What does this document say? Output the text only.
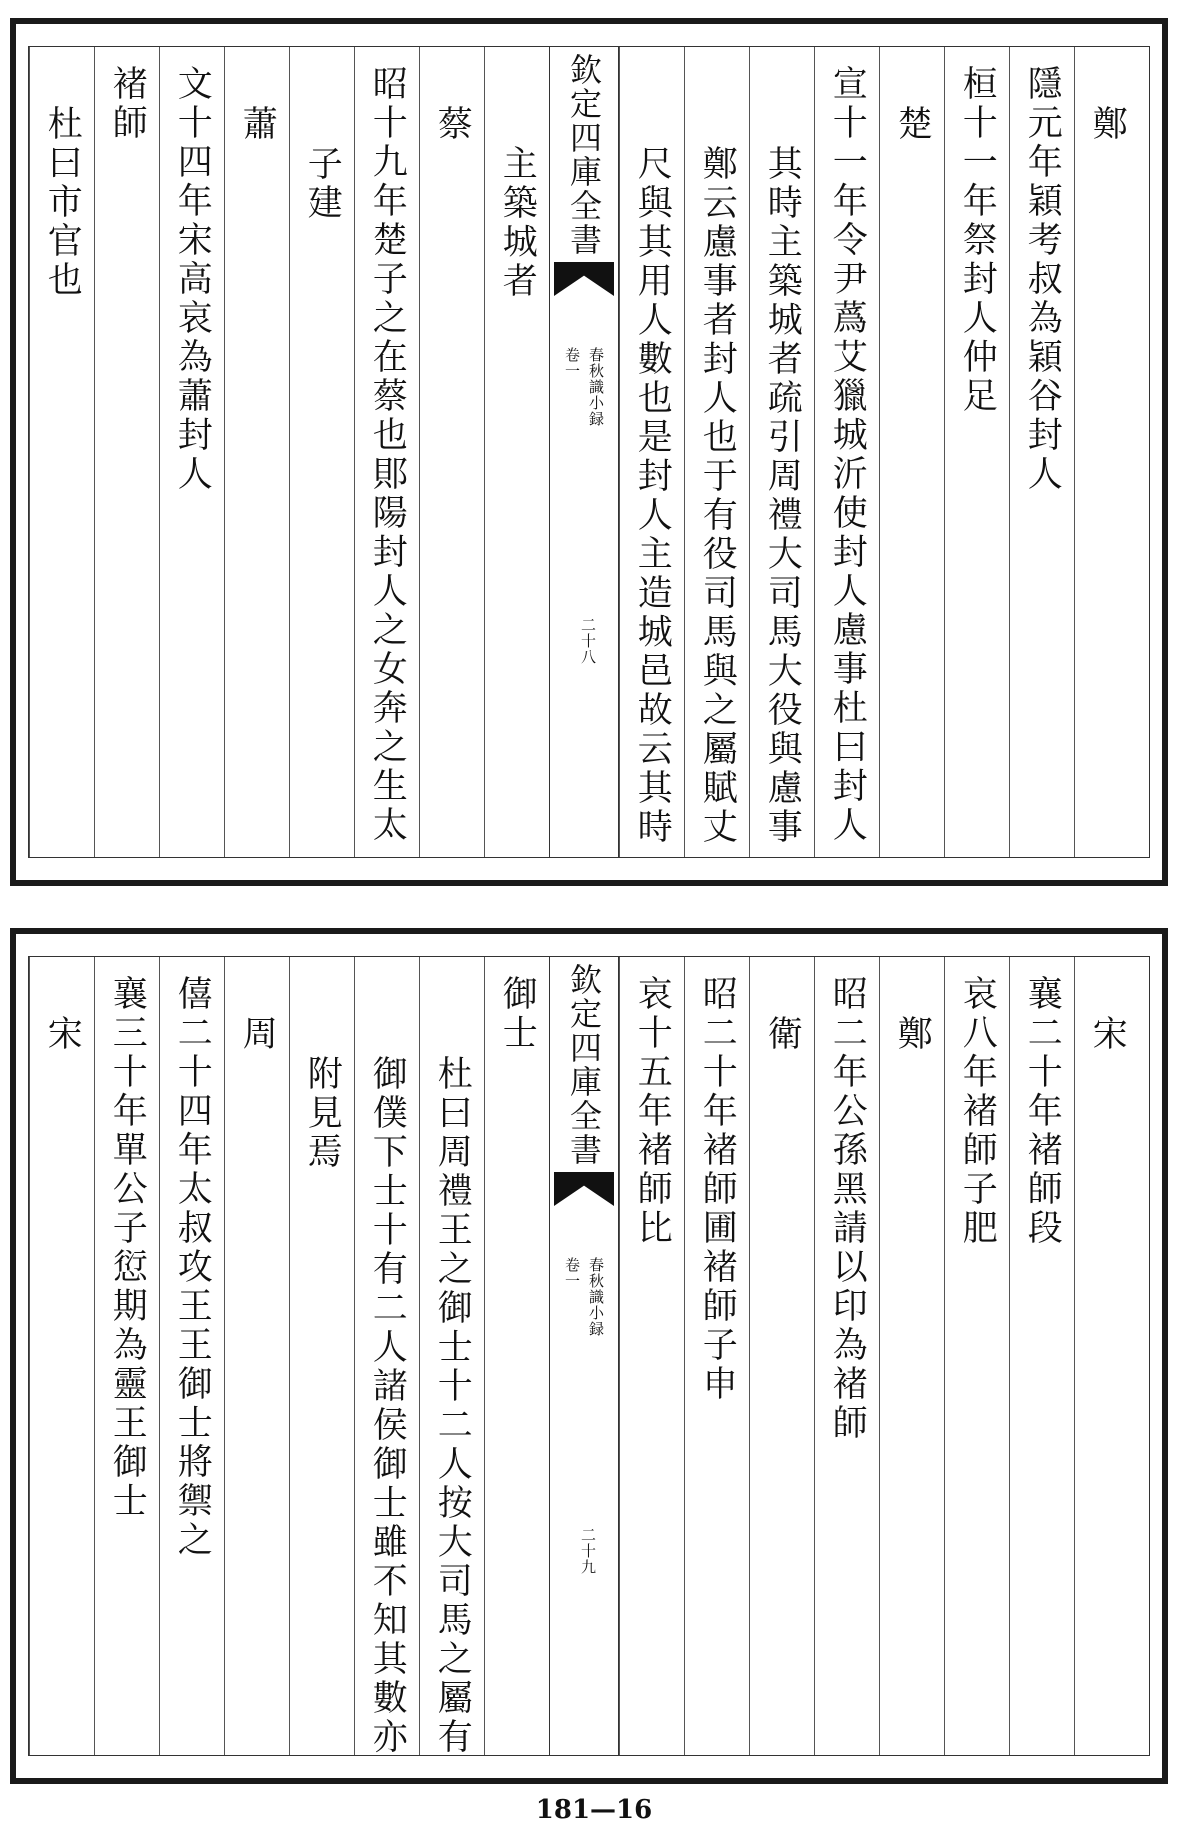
鄭
隱元年穎考叔為穎谷封人
桓十一年祭封人仲足
楚
宣十一年令尹蔿艾獵城沂使封人慮事杜曰封人
其時主築城者疏引周禮大司馬大役與慮事
鄭云慮事者封人也于有役司馬與之屬賦丈
尺與其用人數也是封人主造城邑故云其時
主築城者
蔡
昭十九年楚子之在蔡也郥陽封人之女奔之生太
子建
蕭
文十四年宋高哀為蕭封人
褚師
杜曰市官也	欽定四庫全書
春秋識小録
卷一
二十八
宋
襄二十年褚師段
哀八年褚師子肥
鄭
昭二年公孫黑請以印為褚師
衛
昭二十年褚師圃褚師子申
哀十五年褚師比
御士
杜曰周禮王之御士十二人按大司馬之屬有
御僕下士十有二人諸侯御士雖不知其數亦
附見焉
周
僖二十四年太叔攻王王御士將禦之
襄三十年單公子愆期為靈王御士
宋	欽定四庫全書
春秋識小録
卷一
二十九
181—16
